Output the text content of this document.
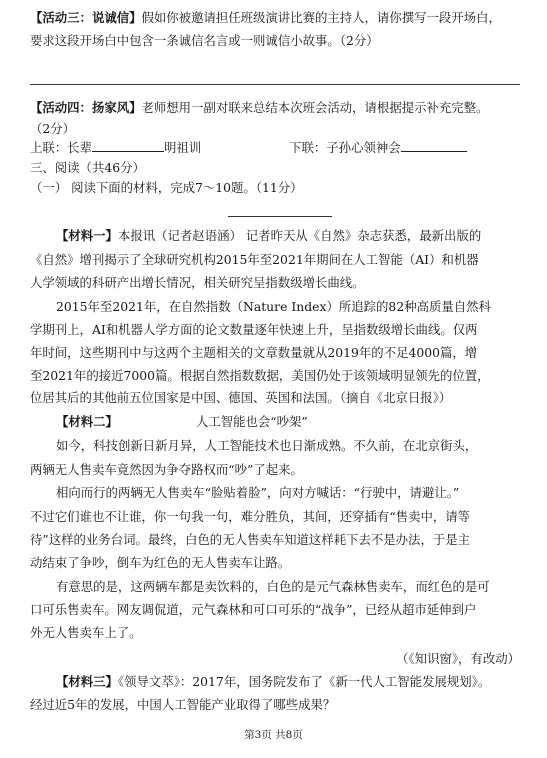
【活动三：说诚信】假如你被邀请担任班级演讲比赛的主持人，请你撰写一段开场白，
要求这段开场白中包含一条诚信名言或一则诚信小故事。（2分）
【活动四：扬家风】老师想用一副对联来总结本次班会活动，请根据提示补充完整。
（2分）
上联：长辈	明祖训	下联：子孙心领神会
三、阅读（共46分）
（一） 阅读下面的材料，完成7～10题。（11分）
【材料一】本报讯（记者赵语涵） 记者昨天从《自然》杂志获悉，最新出版的
《自然》增刊揭示了全球研究机构2015年至2021年期间在人工智能（AI）和机器
人学领域的科研产出增长情况，相关研究呈指数级增长曲线。
2015年至2021年，在自然指数（Nature Index）所追踪的82种高质量自然科
学期刊上，AI和机器人学方面的论文数量逐年快速上升，呈指数级增长曲线。仅两
年时间，这些期刊中与这两个主题相关的文章数量就从2019年的不足4000篇，增
至2021年的接近7000篇。根据自然指数数据，美国仍处于该领域明显领先的位置，
位居其后的其他前五位国家是中国、德国、英国和法国。（摘自《北京日报》）
【材料二】	人工智能也会“吵架”
如今，科技创新日新月异，人工智能技术也日渐成熟。不久前，在北京街头，
两辆无人售卖车竟然因为争夺路权而“吵”了起来。
相向而行的两辆无人售卖车“脸贴着脸”，向对方喊话：“行驶中，请避让。”
不过它们谁也不让谁，你一句我一句，难分胜负，其间，还穿插有“售卖中，请等
待”这样的业务台词。最终，白色的无人售卖车知道这样耗下去不是办法，于是主
动结束了争吵，倒车为红色的无人售卖车让路。
有意思的是，这两辆车都是卖饮料的，白色的是元气森林售卖车，而红色的是可
口可乐售卖车。网友调侃道，元气森林和可口可乐的“战争”，已经从超市延伸到户
外无人售卖车上了。
（《知识窗》，有改动）
【材料三】《领导文萃》：2017年，国务院发布了《新一代人工智能发展规划》。
经过近5年的发展，中国人工智能产业取得了哪些成果？
第3页 共8页
